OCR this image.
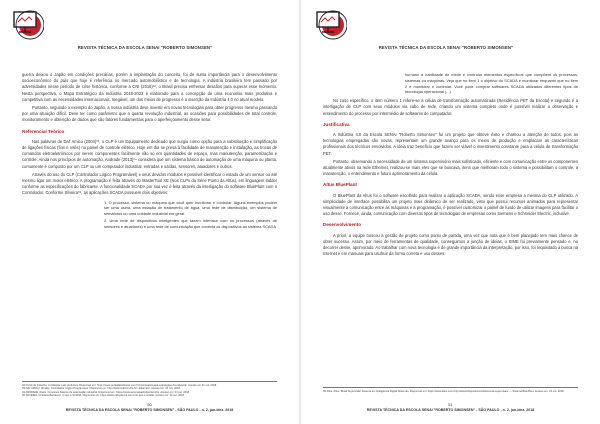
REVISTA TÉCNICA DA ESCOLA SENAI "ROBERTO SIMONSEN"

guerra deixou o Japão em condições precárias, porém a implantação do conceito, foi de suma importância para o desenvolvimento socioeconômico do país que hoje é referência no mercado automobilístico e de tecnologia. A indústria brasileira tem passado por adversidades nesse período de crise histórica, conforme a CNI (2018)⁰², o Brasil precisa enfrentar desafios para superar esse momento. Nesta perspectiva, o Mapa Estratégico da Indústria 2018-2022 é elaborado para a concepção de uma economia mais produtiva e competitiva com as necessidades internacionais. Inegável, um dos meios de progresso é a inserção da Indústria 4.0 no atual modelo.

Portanto, seguindo o exemplo do Japão, a nossa indústria deve investir em novas tecnologias para obter progresso mesmo passando por uma situação difícil. Deve ter como parâmetro que a quarta revolução industrial, as ocasiões para possibilidades de total controle, monitoramento e obtenção de dados que são fatores fundamentais para o aperfeiçoamento desse setor.

Referencial Teórico

Nas palavras de Dal' Amico (2003)⁰³, o CLP é um Equipamento dedicado que surgiu como opção para a substituição e simplificação de ligações físicas (fios e relés) no painel de controle elétrico. Hoje em dia se presa à facilidade de manutenção e instalação, as trocas de comandos eletroeletrônicos por serem componentes facilmente não só em quantidades de espaço, mas manutenção, parametrização e controle. Ainda nos princípios de automação, Andrade (2013)⁰⁴ considera que um sistema básico de automação de uma máquina ou planta, comumente é composto por um CLP ou um computador industrial, entradas e saídas, sensores, atuadores e outros.

Através do uso do CLP (Controlador Lógico Programável) e seus devidos módulos é possível identificar o estado de um sensor ou até mesmo ligar um motor elétrico. A programação é feita através do MasterTool XE (Nos CLPs da Série Ponto da Altus), em linguagem ladder conforme as especificações do fabricante. A funcionalidade SCADA por sua vez é feita através da interligação do software BluePlant com o Controlador. Conforme Silveira⁰⁵, as aplicações SCADA possuem dois objetivos:

1. O processo, sistema ou máquina que você quer monitorar e controlar. Alguns exemplos podem ser uma usina, uma estação de tratamento de água, uma rede de distribuição, um sistema de semáforos ou uma unidade industrial em geral.

2. Uma rede de dispositivos inteligentes que fazem interface com os processos (através de sensores e atuadores) e uma rede de comunicação que conecta os dispositivos ao sistema SCADA.

02 Portal da Indústria. A indústria mais produtiva. Disponível em: https://www.portaldaindustria.com.br/cni/canais/mapa-estrategico-da-industria/. Acesso em 21 out. 2018.
03 DAL'AMICO, Abraão. Controlador Lógico Programável. Disponível em: http://www.cefetrs.tche.br/~dalamico/. Acesso em: 24 out. 2018.
04 ANDRADE, Paulo. Conceitos básicos de automação industrial. Disponível em: https://www.automacaoindustrial.info/. Acesso em: 24 out. 2018.
05 SILVEIRA, Cristiano Bertulucci. O que é SCADA. Disponível em: https://www.citisystems.com.br/o-que-e-scada/. Acesso em: 24 out. 2018.
50
REVISTA TÉCNICA DA ESCOLA SENAI "ROBERTO SIMONSEN" - SÃO PAULO - n. 2, jun./dez. 2018
REVISTA TÉCNICA DA ESCOLA SENAI "ROBERTO SIMONSEN"

humano a habilidade de medir e controlar elementos específicos que compõem os processos, sistemas ou máquinas. Veja que no item 1 o objetivo do SCADA é monitorar enquanto que no item 2 é monitorar e controlar. Você pode comprar softwares SCADA utilizados diferentes tipos de tecnologia operacional (...).

No caso específico, o item número 1 refere-se à célula de transformação automatizada (Residência PET da Escola) e segundo é a interligação de CLP com seus módulos via cabo de rede, criando um sistema completo onde é possível realizar a observação e entendimento do processo por intermédio de softwares de computador.

Justificativa

A Indústria 4.0 da Escola SENAI "Roberto Simonsen" fui um projeto que obteve êxito e chamou a atenção de todos, pois as tecnologias empregadas são novas, representam um grande avanço para os meios de produção e emplacam as características profissionais dos técnicos envolvidos. A ideia traz benefício que fazem ser viável o investimento constante para a célula de transformação PET.

Portanto, observando a necessidade de um sistema supervisório mais sofisticado, eficiente e com comunicação entre os componentes atualmente ativos na rede Ethernet, realizou-se mais eles que se buscava, itens que melhoram todo o sistema e possibilitam o controle, a manutenção, o entendimento e futuro aprimoramento da célula.

Altus BluePlant

O BluePlant da Altus foi o software escolhido para realizar a aplicação SCADA, sendo esse empresa a mesma do CLP utilizado. A simplicidade de interface possibilita um projeto mais dinâmico de ser realizado, visto que possui recursos animados para representar visualmente a comunicação entre as máquinas e a programação, é possível customizar o painel de fundo de utilizar imagens para facilitar o uso desse. Fornece, ainda, comunicação com diversos tipos de tecnologias de empresas como Siemens e Schneider Electric, inclusive.

Desenvolvimento

A priori, a equipe buscou a gestão de projeto como ponto de partida, uma vez que nota que é bem planejado tem mais chance de obter sucesso. Assim, por meio de ferramentas de qualidade, conseguimos a junção de ideias, o SIME foi previamente pensado e, no decorrer desse, aprimorado. Ao trabalhar com nova tecnologia é de grande importância da interpretação, por isso, foi requisitado a busca na Internet e em manuais para usufruir da forma correta e uso desses

06 Altus. Altus. Brasil Supervisão Sistema em Inteligência Digital Sistemas. Disponível em: https://www.altus.com.br/produtos/dispositivos/sistema-de-supervisao/ — Sistema BluePlant. Acesso em: 24 out. 2018.
51
REVISTA TÉCNICA DA ESCOLA SENAI "ROBERTO SIMONSEN" - SÃO PAULO - n. 2, jun./dez. 2018
